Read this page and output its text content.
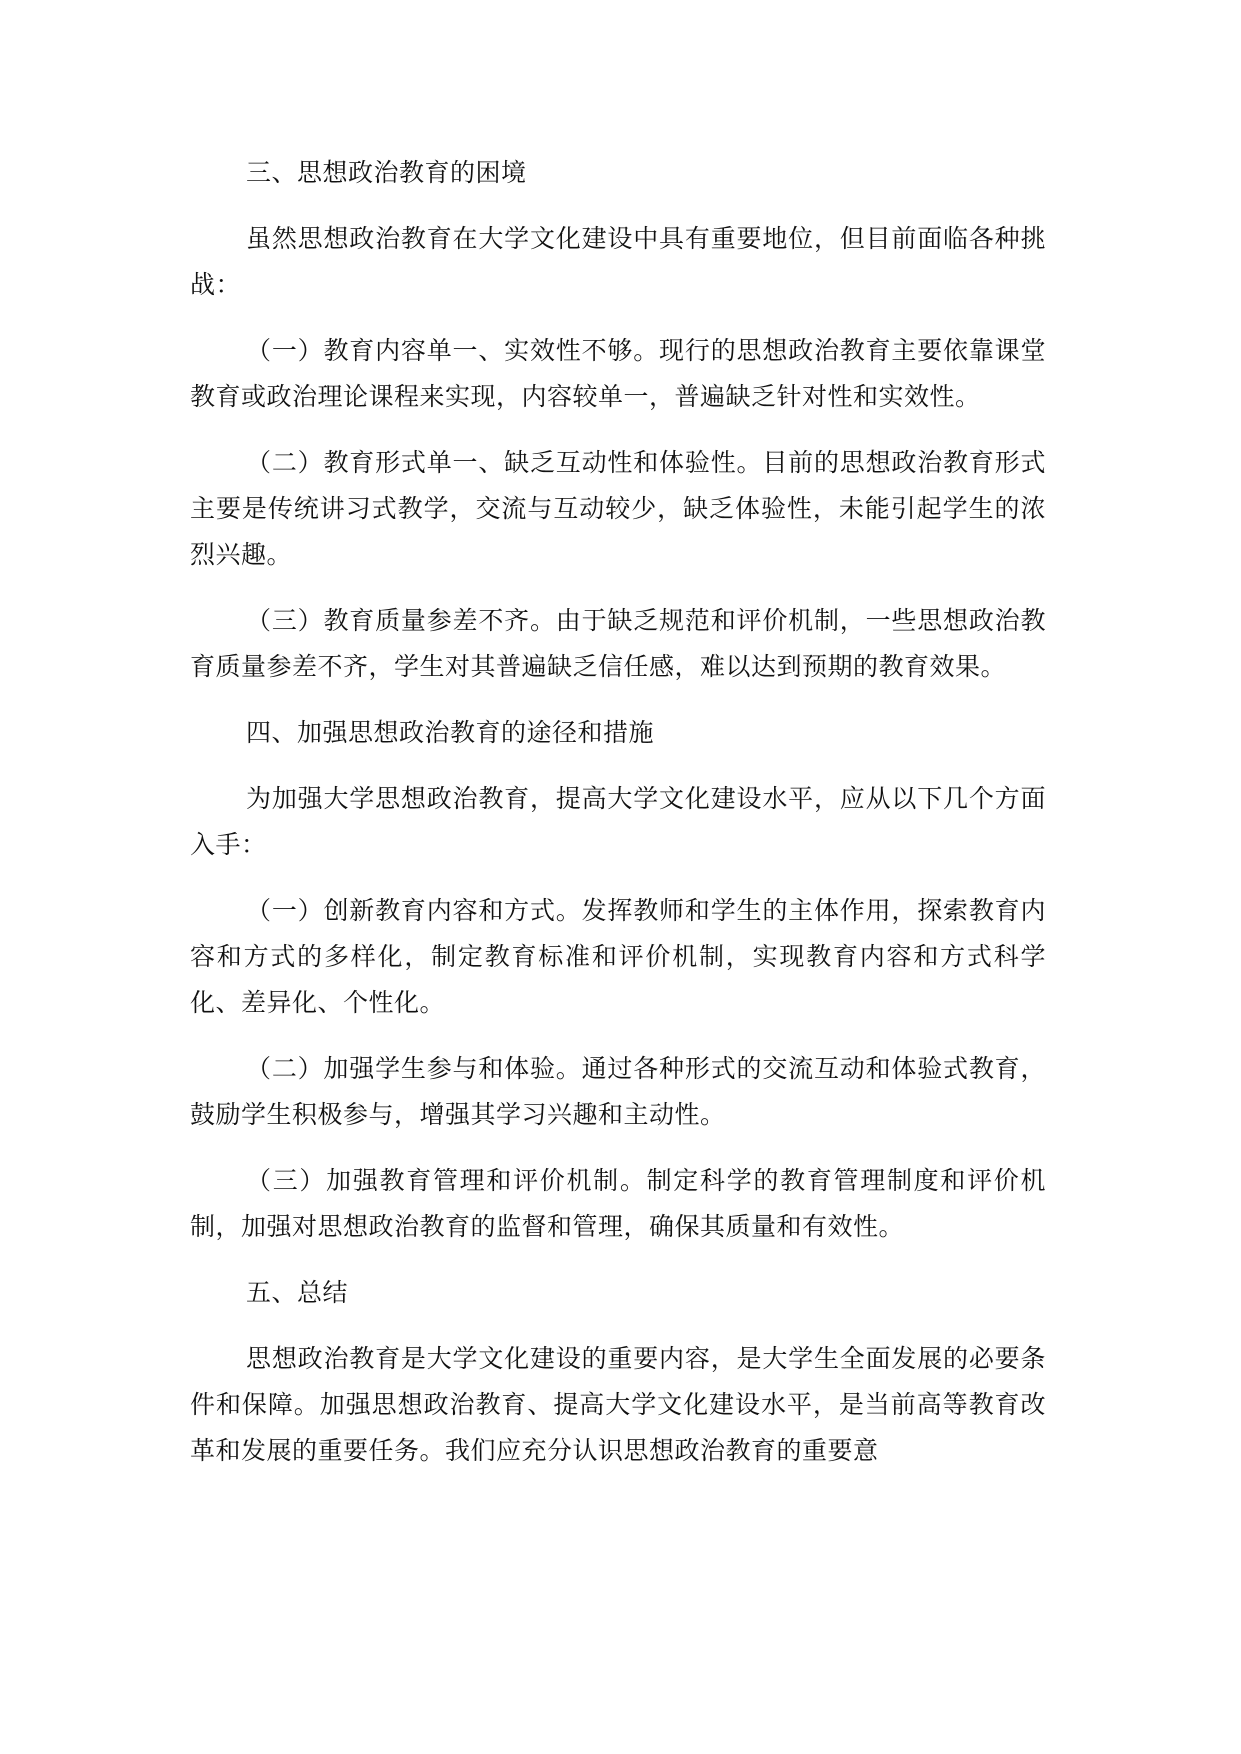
三、思想政治教育的困境

虽然思想政治教育在大学文化建设中具有重要地位，但目前面临各种挑战：

（一）教育内容单一、实效性不够。现行的思想政治教育主要依靠课堂教育或政治理论课程来实现，内容较单一，普遍缺乏针对性和实效性。

（二）教育形式单一、缺乏互动性和体验性。目前的思想政治教育形式主要是传统讲习式教学，交流与互动较少，缺乏体验性，未能引起学生的浓烈兴趣。

（三）教育质量参差不齐。由于缺乏规范和评价机制，一些思想政治教育质量参差不齐，学生对其普遍缺乏信任感，难以达到预期的教育效果。

四、加强思想政治教育的途径和措施

为加强大学思想政治教育，提高大学文化建设水平，应从以下几个方面入手：

（一）创新教育内容和方式。发挥教师和学生的主体作用，探索教育内容和方式的多样化，制定教育标准和评价机制，实现教育内容和方式科学化、差异化、个性化。

（二）加强学生参与和体验。通过各种形式的交流互动和体验式教育，鼓励学生积极参与，增强其学习兴趣和主动性。

（三）加强教育管理和评价机制。制定科学的教育管理制度和评价机制，加强对思想政治教育的监督和管理，确保其质量和有效性。

五、总结

思想政治教育是大学文化建设的重要内容，是大学生全面发展的必要条件和保障。加强思想政治教育、提高大学文化建设水平，是当前高等教育改革和发展的重要任务。我们应充分认识思想政治教育的重要意
